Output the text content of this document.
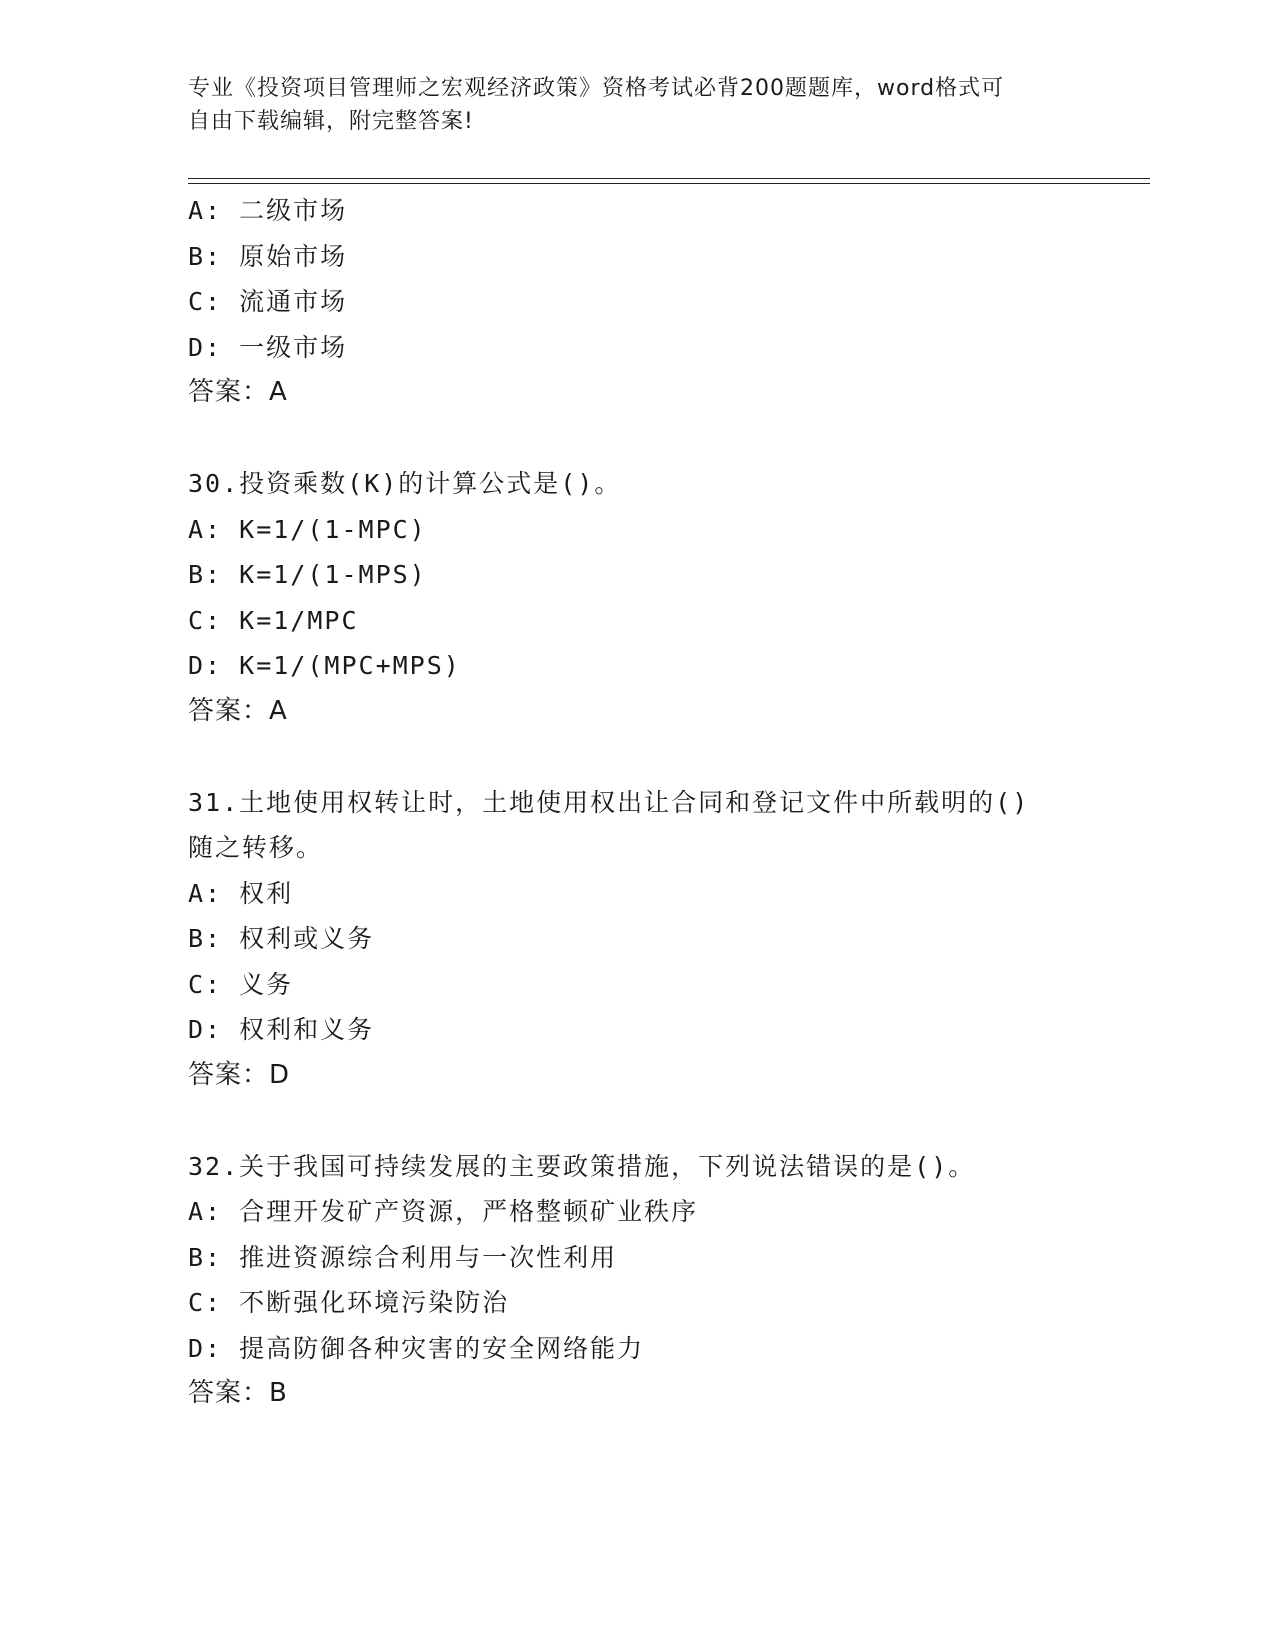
专业《投资项目管理师之宏观经济政策》资格考试必背200题题库，word格式可
自由下载编辑，附完整答案!
A: 二级市场
B: 原始市场
C: 流通市场
D: 一级市场
答案：A
30.投资乘数(K)的计算公式是()。
A: K=1/(1-MPC)
B: K=1/(1-MPS)
C: K=1/MPC
D: K=1/(MPC+MPS)
答案：A
31.土地使用权转让时，土地使用权出让合同和登记文件中所载明的()
随之转移。
A: 权利
B: 权利或义务
C: 义务
D: 权利和义务
答案：D
32.关于我国可持续发展的主要政策措施，下列说法错误的是()。
A: 合理开发矿产资源，严格整顿矿业秩序
B: 推进资源综合利用与一次性利用
C: 不断强化环境污染防治
D: 提高防御各种灾害的安全网络能力
答案：B
